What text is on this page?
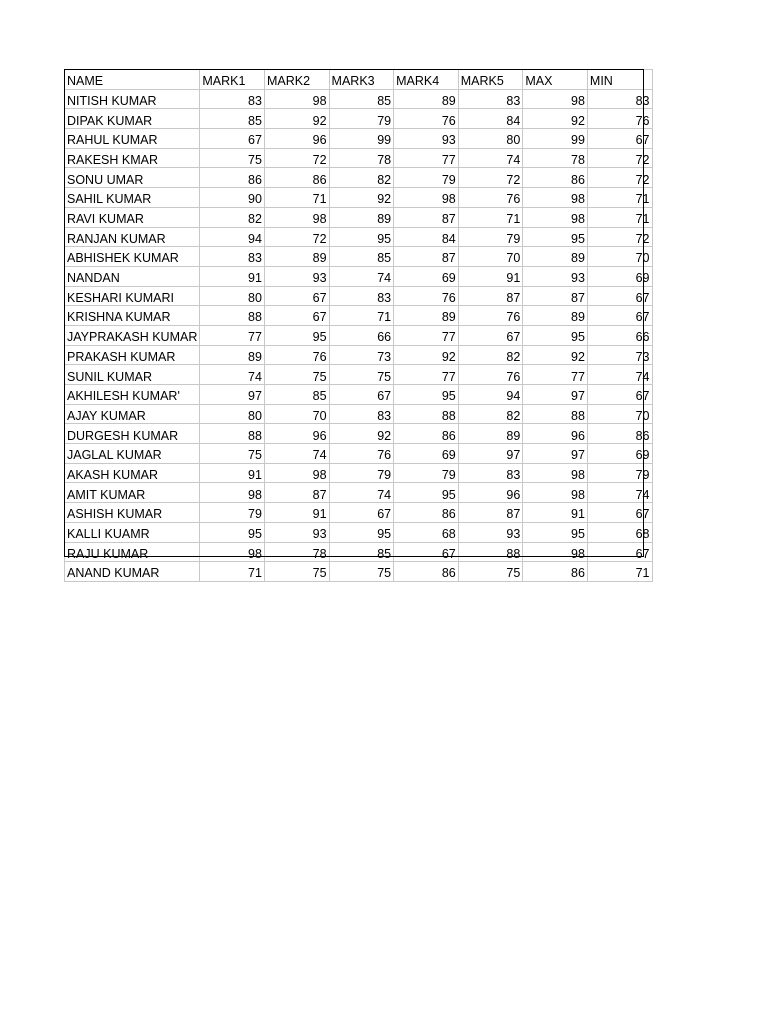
NAME	MARK1	MARK2	MARK3	MARK4	MARK5	MAX	MIN
NITISH KUMAR	83	98	85	89	83	98	83
DIPAK KUMAR	85	92	79	76	84	92	76
RAHUL KUMAR	67	96	99	93	80	99	67
RAKESH KMAR	75	72	78	77	74	78	72
SONU UMAR	86	86	82	79	72	86	72
SAHIL KUMAR	90	71	92	98	76	98	71
RAVI KUMAR	82	98	89	87	71	98	71
RANJAN KUMAR	94	72	95	84	79	95	72
ABHISHEK KUMAR	83	89	85	87	70	89	70
NANDAN	91	93	74	69	91	93	69
KESHARI KUMARI	80	67	83	76	87	87	67
KRISHNA KUMAR	88	67	71	89	76	89	67
JAYPRAKASH KUMAR	77	95	66	77	67	95	66
PRAKASH KUMAR	89	76	73	92	82	92	73
SUNIL KUMAR	74	75	75	77	76	77	74
AKHILESH KUMAR'	97	85	67	95	94	97	67
AJAY KUMAR	80	70	83	88	82	88	70
DURGESH KUMAR	88	96	92	86	89	96	86
JAGLAL KUMAR	75	74	76	69	97	97	69
AKASH KUMAR	91	98	79	79	83	98	79
AMIT KUMAR	98	87	74	95	96	98	74
ASHISH KUMAR	79	91	67	86	87	91	67
KALLI KUAMR	95	93	95	68	93	95	68
RAJU KUMAR	98	78	85	67	88	98	67
ANAND KUMAR	71	75	75	86	75	86	71
